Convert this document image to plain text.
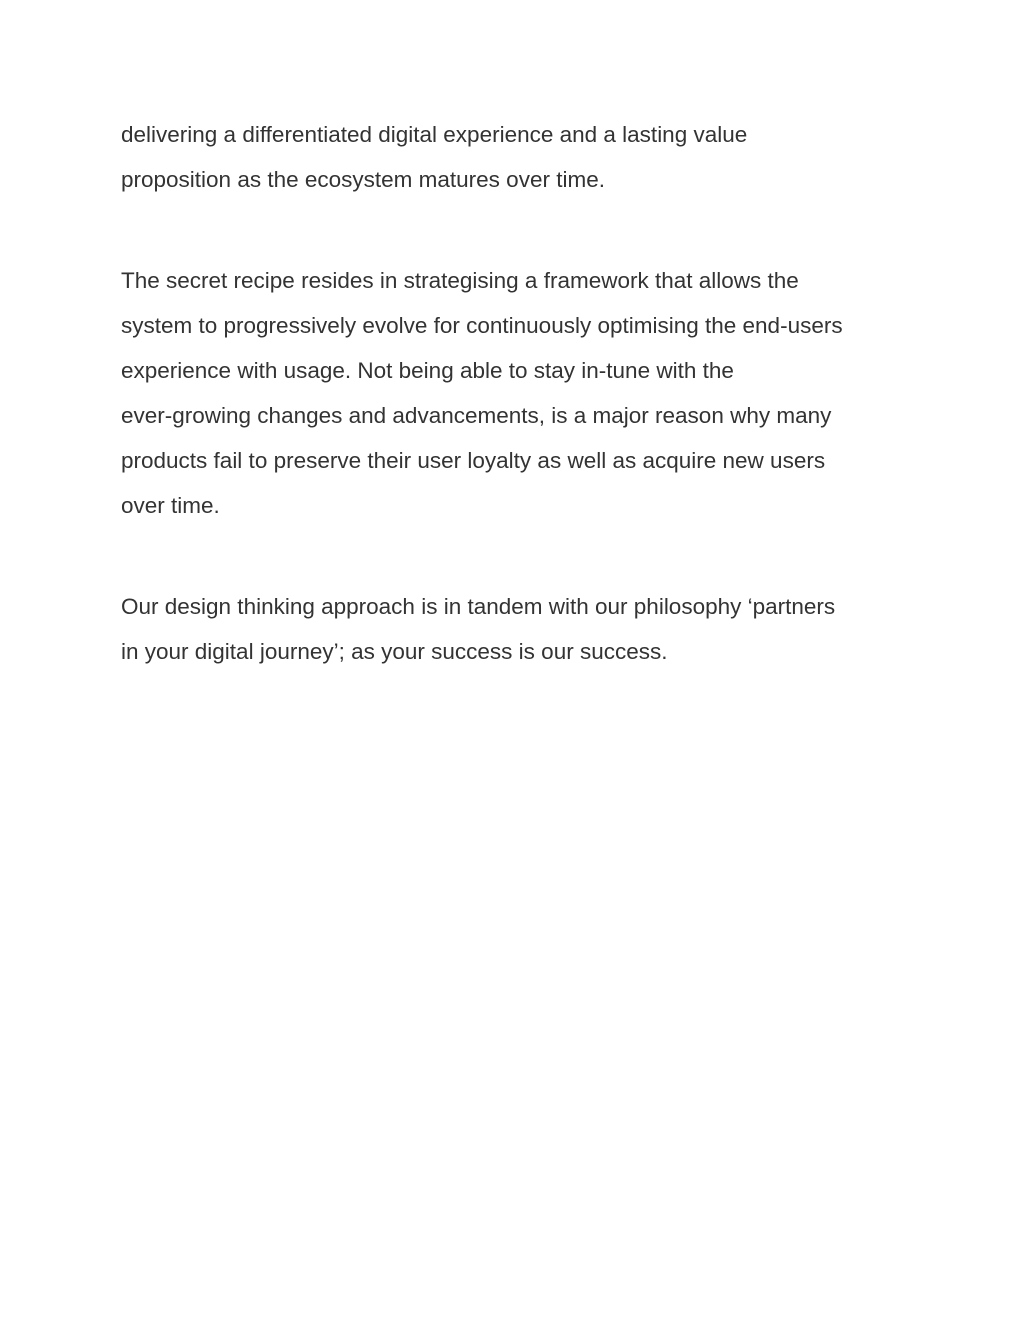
delivering a differentiated digital experience and a lasting value
proposition as the ecosystem matures over time.

The secret recipe resides in strategising a framework that allows the
system to progressively evolve for continuously optimising the end-users
experience with usage. Not being able to stay in-tune with the
ever-growing changes and advancements, is a major reason why many
products fail to preserve their user loyalty as well as acquire new users
over time.

Our design thinking approach is in tandem with our philosophy ‘partners
in your digital journey’; as your success is our success.
